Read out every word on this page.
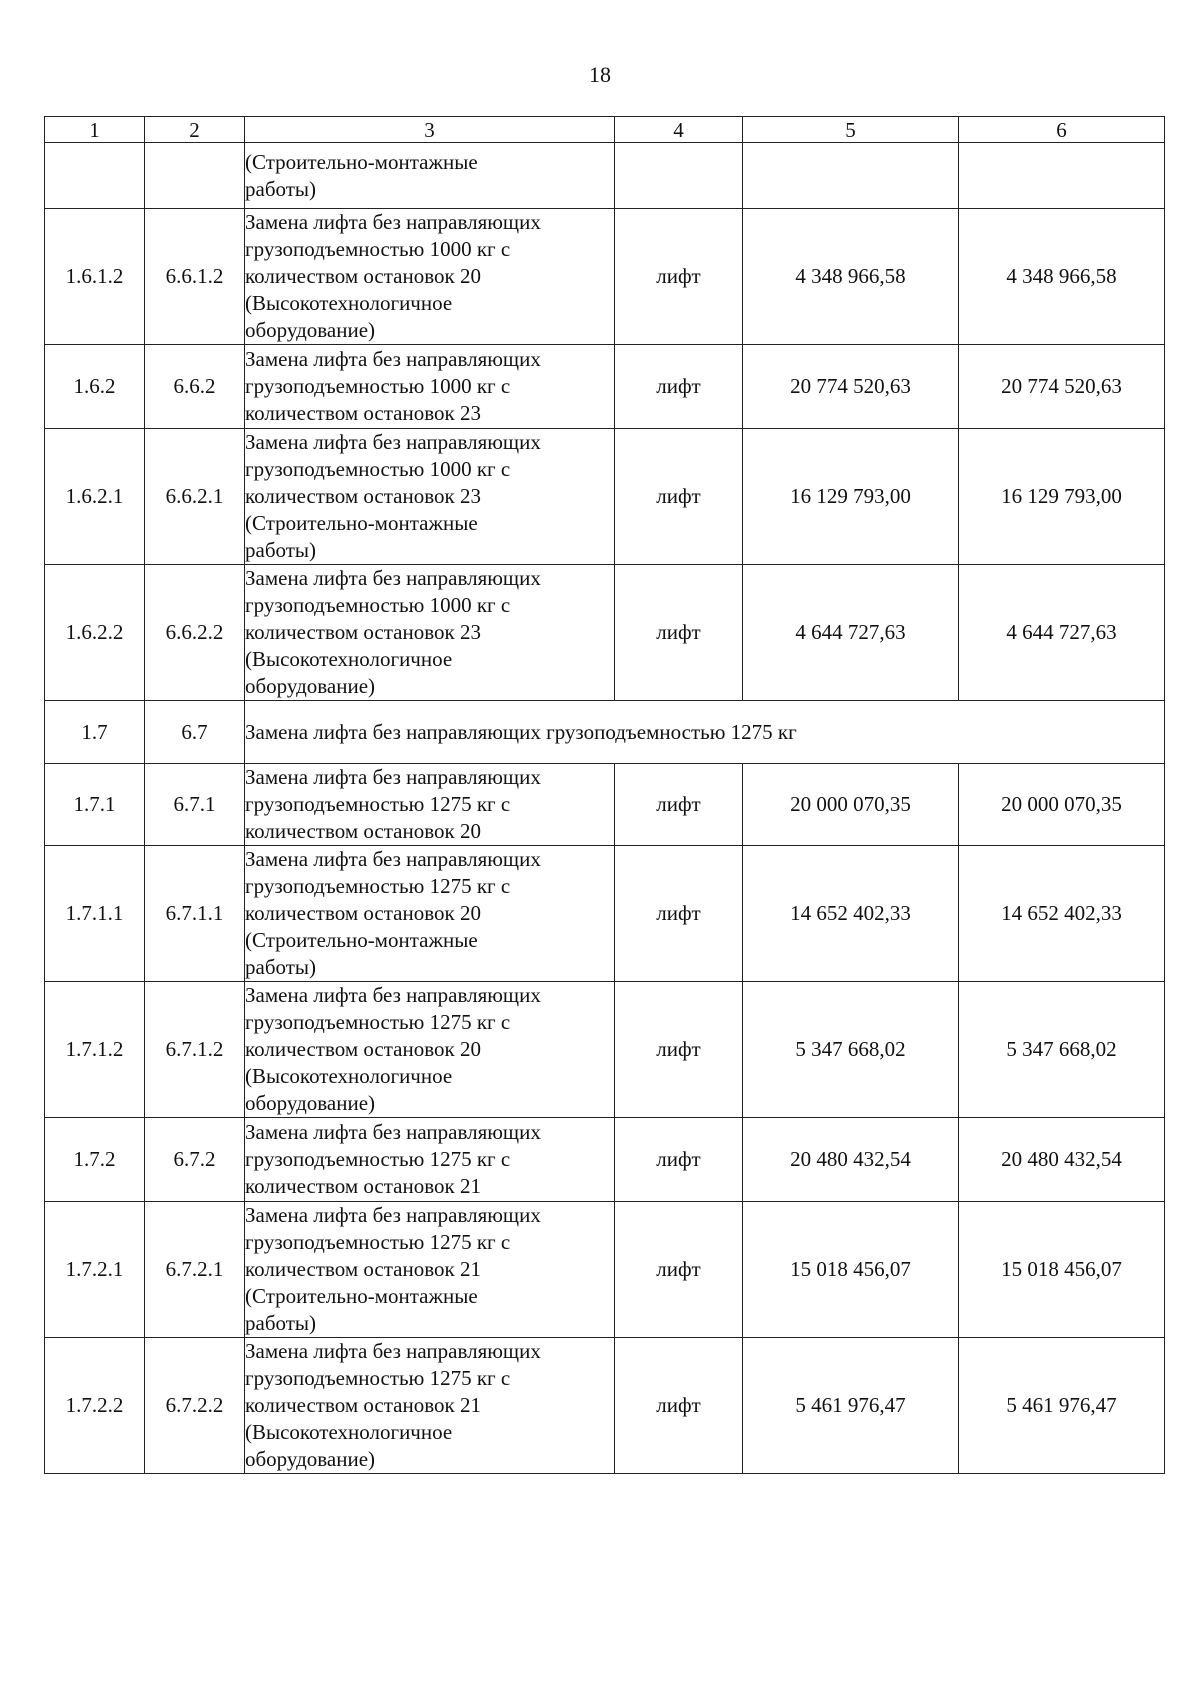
18
1	2	3	4	5	6

		(Строительно-монтажные
работы)			

1.6.1.2	6.6.1.2	Замена лифта без направляющих
грузоподъемностью 1000 кг с
количеством остановок 20
(Высокотехнологичное
оборудование)	лифт	4 348 966,58	4 348 966,58
1.6.2	6.6.2	Замена лифта без направляющих
грузоподъемностью 1000 кг с
количеством остановок 23	лифт	20 774 520,63	20 774 520,63
1.6.2.1	6.6.2.1	Замена лифта без направляющих
грузоподъемностью 1000 кг с
количеством остановок 23
(Строительно-монтажные
работы)	лифт	16 129 793,00	16 129 793,00
1.6.2.2	6.6.2.2	Замена лифта без направляющих
грузоподъемностью 1000 кг с
количеством остановок 23
(Высокотехнологичное
оборудование)	лифт	4 644 727,63	4 644 727,63
1.7	6.7	Замена лифта без направляющих грузоподъемностью 1275 кг			
1.7.1	6.7.1	Замена лифта без направляющих
грузоподъемностью 1275 кг с
количеством остановок 20	лифт	20 000 070,35	20 000 070,35
1.7.1.1	6.7.1.1	Замена лифта без направляющих
грузоподъемностью 1275 кг с
количеством остановок 20
(Строительно-монтажные
работы)	лифт	14 652 402,33	14 652 402,33
1.7.1.2	6.7.1.2	Замена лифта без направляющих
грузоподъемностью 1275 кг с
количеством остановок 20
(Высокотехнологичное
оборудование)	лифт	5 347 668,02	5 347 668,02
1.7.2	6.7.2	Замена лифта без направляющих
грузоподъемностью 1275 кг с
количеством остановок 21	лифт	20 480 432,54	20 480 432,54
1.7.2.1	6.7.2.1	Замена лифта без направляющих
грузоподъемностью 1275 кг с
количеством остановок 21
(Строительно-монтажные
работы)	лифт	15 018 456,07	15 018 456,07
1.7.2.2	6.7.2.2	Замена лифта без направляющих
грузоподъемностью 1275 кг с
количеством остановок 21
(Высокотехнологичное
оборудование)	лифт	5 461 976,47	5 461 976,47
